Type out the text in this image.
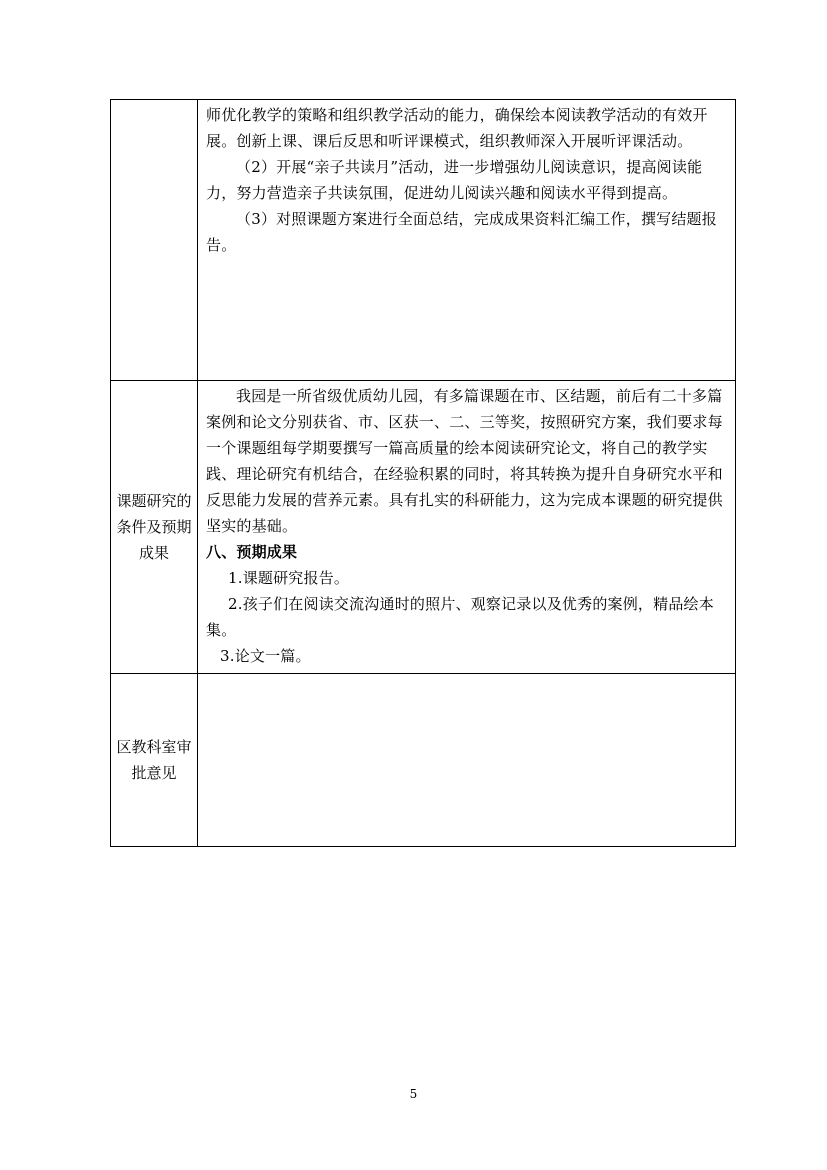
	师优化教学的策略和组织教学活动的能力，确保绘本阅读教学活动的有效开展。创新上课、课后反思和听评课模式，组织教师深入开展听评课活动。

（2）开展“亲子共读月”活动，进一步增强幼儿阅读意识，提高阅读能力，努力营造亲子共读氛围，促进幼儿阅读兴趣和阅读水平得到提高。

（3）对照课题方案进行全面总结，完成成果资料汇编工作，撰写结题报告。

课题研究的条件及预期成果	我园是一所省级优质幼儿园，有多篇课题在市、区结题，前后有二十多篇案例和论文分别获省、市、区获一、二、三等奖，按照研究方案，我们要求每一个课题组每学期要撰写一篇高质量的绘本阅读研究论文，将自己的教学实践、理论研究有机结合，在经验积累的同时，将其转换为提升自身研究水平和反思能力发展的营养元素。具有扎实的科研能力，这为完成本课题的研究提供坚实的基础。

八、预期成果

1.课题研究报告。

2.孩子们在阅读交流沟通时的照片、观察记录以及优秀的案例，精品绘本集。

3.论文一篇。

区教科室审批意见	
5
